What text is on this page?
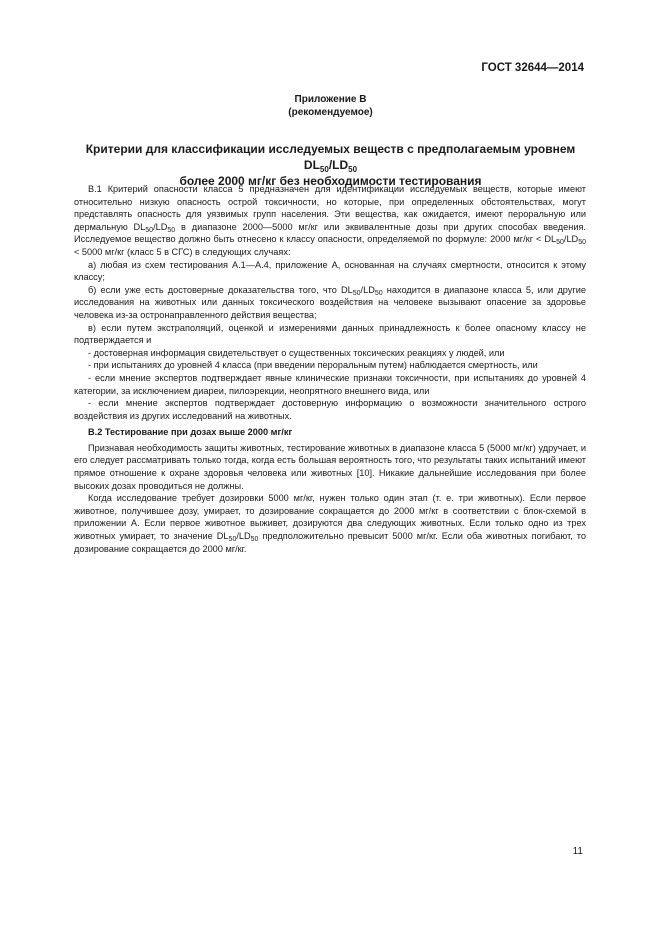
ГОСТ 32644—2014
Приложение В
(рекомендуемое)
Критерии для классификации исследуемых веществ с предполагаемым уровнем $DL_{50}/LD_{50}$
более 2000 мг/кг без необходимости тестирования

В.1 Критерий опасности класса 5 предназначен для идентификации исследуемых веществ, которые имеют относительно низкую опасность острой токсичности, но которые, при определенных обстоятельствах, могут представлять опасность для уязвимых групп населения. Эти вещества, как ожидается, имеют пероральную или дермальную $DL_{50}/LD_{50}$ в диапазоне 2000—5000 мг/кг или эквивалентные дозы при других способах введения. Исследуемое вещество должно быть отнесено к классу опасности, определяемой по формуле: 2000 $мг/кг < DL_{50}/LD_{50} < 5000$ мг/кг (класс 5 в СГС) в следующих случаях:

а) любая из схем тестирования А.1—А.4, приложение А, основанная на случаях смертности, относится к этому классу;

б) если уже есть достоверные доказательства того, что $DL_{50}/LD_{50}$ находится в диапазоне класса 5, или другие исследования на животных или данных токсического воздействия на человеке вызывают опасение за здоровье человека из-за остронаправленного действия вещества;

в) если путем экстраполяций, оценкой и измерениями данных принадлежность к более опасному классу не подтверждается и

- достоверная информация свидетельствует о существенных токсических реакциях у людей, или

- при испытаниях до уровней 4 класса (при введении пероральным путем) наблюдается смертность, или

- если мнение экспертов подтверждает явные клинические признаки токсичности, при испытаниях до уровней 4 категории, за исключением диареи, пилоэрекции, неопрятного внешнего вида, или

- если мнение экспертов подтверждает достоверную информацию о возможности значительного острого воздействия из других исследований на животных.

В.2 Тестирование при дозах выше 2000 мг/кг

Признавая необходимость защиты животных, тестирование животных в диапазоне класса 5 (5000 мг/кг) удручает, и его следует рассматривать только тогда, когда есть большая вероятность того, что результаты таких испытаний имеют прямое отношение к охране здоровья человека или животных [10]. Никакие дальнейшие исследования при более высоких дозах проводиться не должны.

Когда исследование требует дозировки 5000 мг/кг, нужен только один этап (т. е. три животных). Если первое животное, получившее дозу, умирает, то дозирование сокращается до 2000 мг/кг в соответствии с блок-схемой в приложении А. Если первое животное выживет, дозируются два следующих животных. Если только одно из трех животных умирает, то значение $DL_{50}/LD_{50}$ предположительно превысит 5000 мг/кг. Если оба животных погибают, то дозирование сокращается до 2000 мг/кг.

11
